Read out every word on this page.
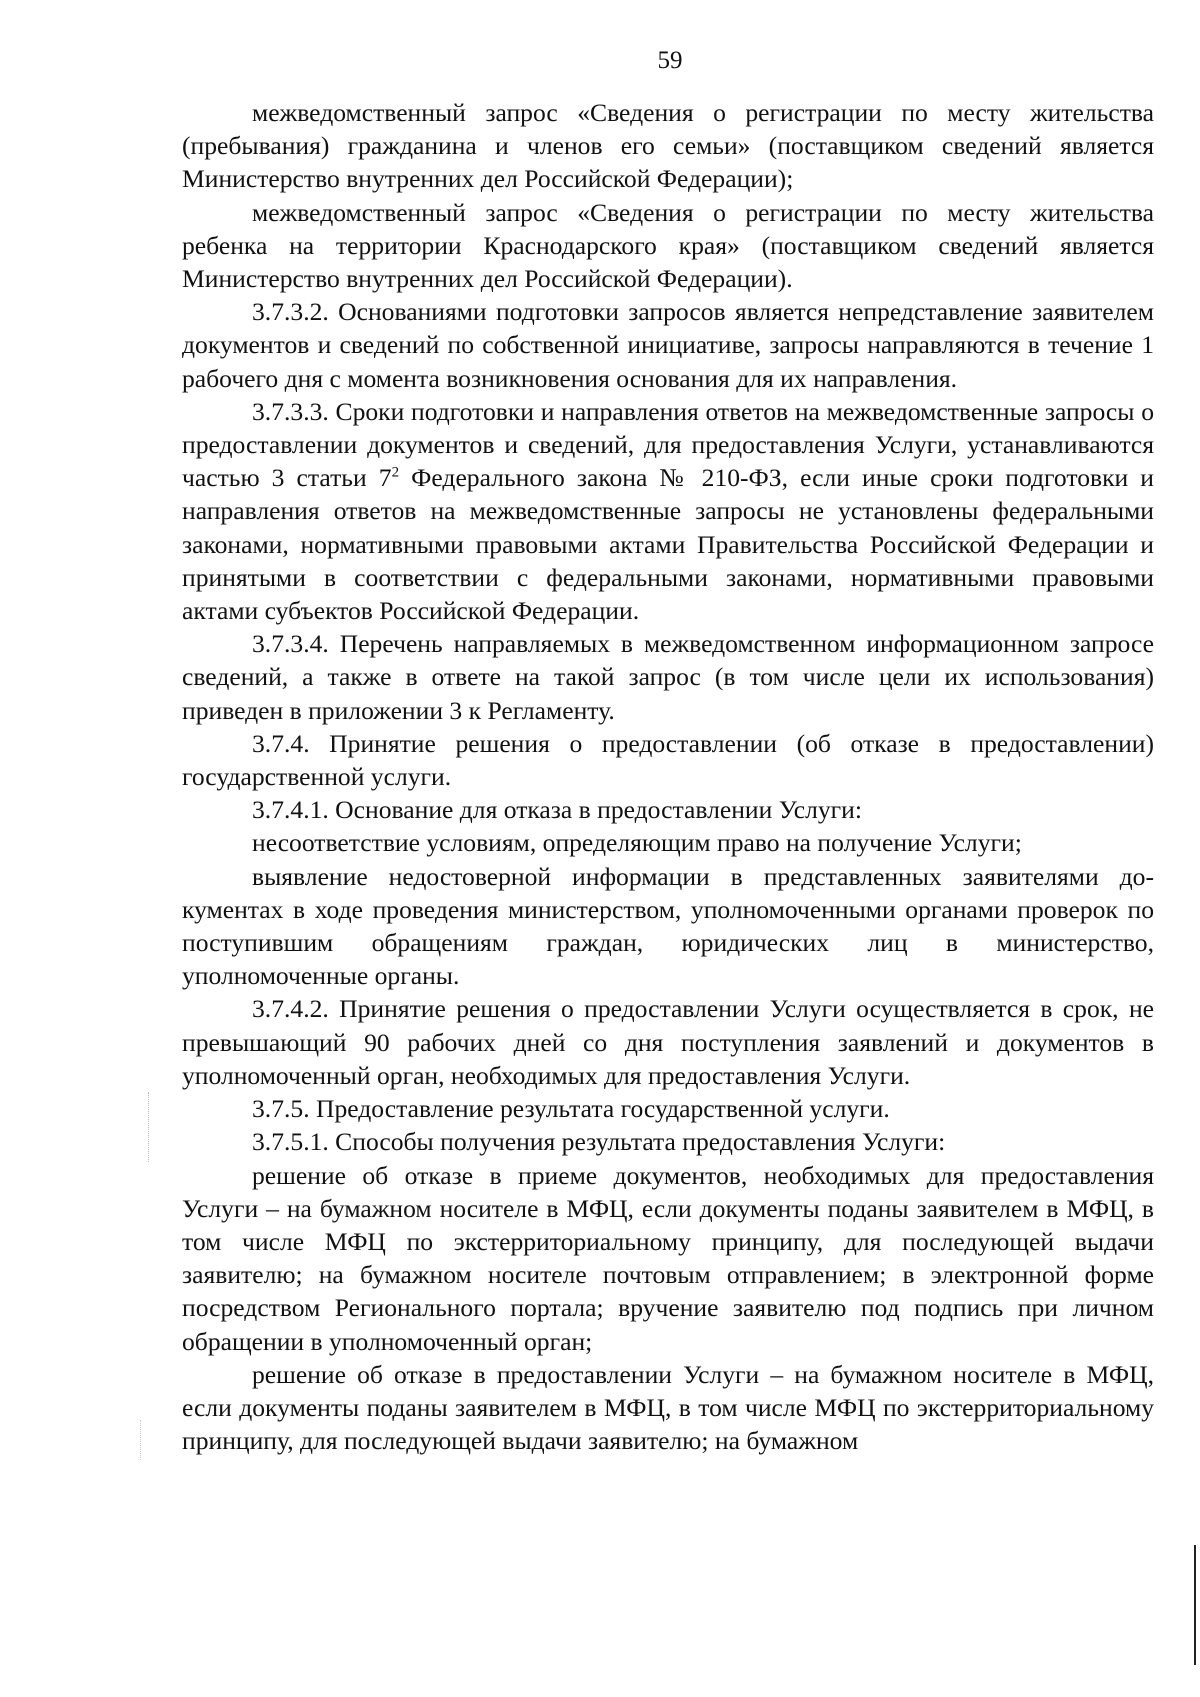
59

межведомственный запрос «Сведения о регистрации по месту жительства (пребывания) гражданина и членов его семьи» (поставщиком сведений является Министерство внутренних дел Российской Федерации);

межведомственный запрос «Сведения о регистрации по месту жительства ребенка на территории Краснодарского края» (поставщиком сведений является Министерство внутренних дел Российской Федерации).

3.7.3.2. Основаниями подготовки запросов является непредставление заявителем документов и сведений по собственной инициативе, запросы направляются в течение 1 рабочего дня с момента возникновения основания для их направления.

3.7.3.3. Сроки подготовки и направления ответов на межведомственные запросы о предоставлении документов и сведений, для предоставления Услуги, устанавливаются частью 3 статьи $7^2$ Федерального закона № 210-ФЗ, если иные сроки подготовки и направления ответов на межведомственные запросы не установлены федеральными законами, нормативными правовыми актами Правительства Российской Федерации и принятыми в соответствии с федеральными законами, нормативными правовыми актами субъектов Российской Федерации.

3.7.3.4. Перечень направляемых в межведомственном информационном запросе сведений, а также в ответе на такой запрос (в том числе цели их использования) приведен в приложении 3 к Регламенту.

3.7.4. Принятие решения о предоставлении (об отказе в предоставлении) государственной услуги.

3.7.4.1. Основание для отказа в предоставлении Услуги:

несоответствие условиям, определяющим право на получение Услуги;

выявление недостоверной информации в представленных заявителями документах в ходе проведения министерством, уполномоченными органами проверок по поступившим обращениям граждан, юридических лиц в министерство, уполномоченные органы.

3.7.4.2. Принятие решения о предоставлении Услуги осуществляется в срок, не превышающий 90 рабочих дней со дня поступления заявлений и документов в уполномоченный орган, необходимых для предоставления Услуги.

3.7.5. Предоставление результата государственной услуги.

3.7.5.1. Способы получения результата предоставления Услуги:

решение об отказе в приеме документов, необходимых для предоставления Услуги – на бумажном носителе в МФЦ, если документы поданы заявителем в МФЦ, в том числе МФЦ по экстерриториальному принципу, для последующей выдачи заявителю; на бумажном носителе почтовым отправлением; в электронной форме посредством Регионального портала; вручение заявителю под подпись при личном обращении в уполномоченный орган;

решение об отказе в предоставлении Услуги – на бумажном носителе в МФЦ, если документы поданы заявителем в МФЦ, в том числе МФЦ по экстерриториальному принципу, для последующей выдачи заявителю; на бумажном
